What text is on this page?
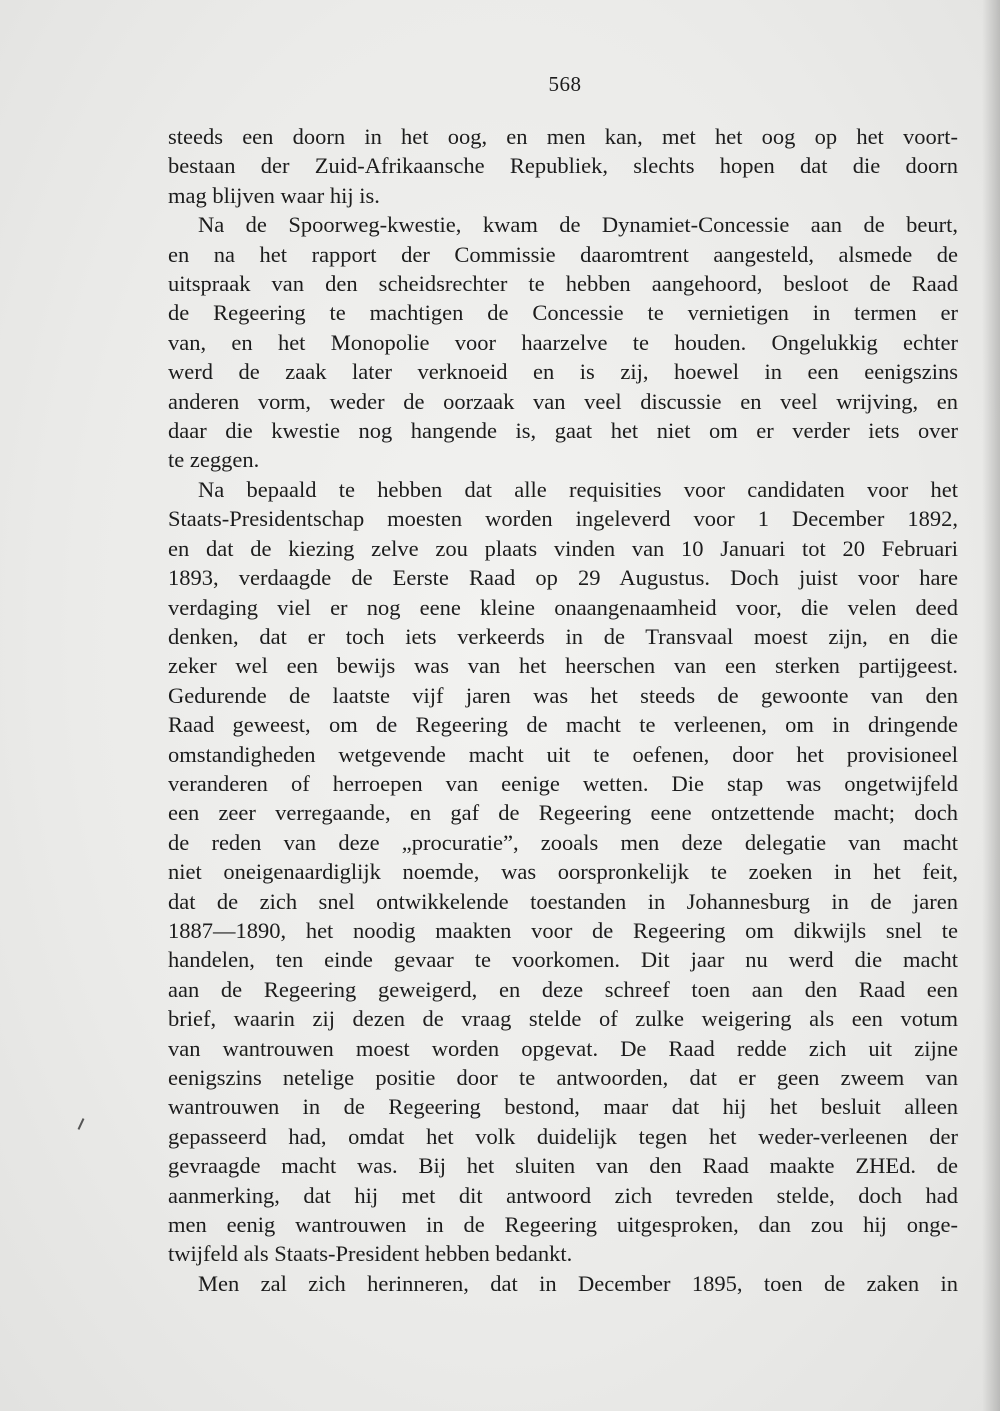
568
steeds een doorn in het oog, en men kan, met het oog op het voort-
bestaan der Zuid-Afrikaansche Republiek, slechts hopen dat die doorn
mag blijven waar hij is.
Na de Spoorweg-kwestie, kwam de Dynamiet-Concessie aan de beurt,
en na het rapport der Commissie daaromtrent aangesteld, alsmede de
uitspraak van den scheidsrechter te hebben aangehoord, besloot de Raad
de Regeering te machtigen de Concessie te vernietigen in termen er
van, en het Monopolie voor haarzelve te houden. Ongelukkig echter
werd de zaak later verknoeid en is zij, hoewel in een eenigszins
anderen vorm, weder de oorzaak van veel discussie en veel wrijving, en
daar die kwestie nog hangende is, gaat het niet om er verder iets over
te zeggen.
Na bepaald te hebben dat alle requisities voor candidaten voor het
Staats-Presidentschap moesten worden ingeleverd voor 1 December 1892,
en dat de kiezing zelve zou plaats vinden van 10 Januari tot 20 Februari
1893, verdaagde de Eerste Raad op 29 Augustus. Doch juist voor hare
verdaging viel er nog eene kleine onaangenaamheid voor, die velen deed
denken, dat er toch iets verkeerds in de Transvaal moest zijn, en die
zeker wel een bewijs was van het heerschen van een sterken partijgeest.
Gedurende de laatste vijf jaren was het steeds de gewoonte van den
Raad geweest, om de Regeering de macht te verleenen, om in dringende
omstandigheden wetgevende macht uit te oefenen, door het provisioneel
veranderen of herroepen van eenige wetten. Die stap was ongetwijfeld
een zeer verregaande, en gaf de Regeering eene ontzettende macht; doch
de reden van deze „procuratie”, zooals men deze delegatie van macht
niet oneigenaardiglijk noemde, was oorspronkelijk te zoeken in het feit,
dat de zich snel ontwikkelende toestanden in Johannesburg in de jaren
1887—1890, het noodig maakten voor de Regeering om dikwijls snel te
handelen, ten einde gevaar te voorkomen. Dit jaar nu werd die macht
aan de Regeering geweigerd, en deze schreef toen aan den Raad een
brief, waarin zij dezen de vraag stelde of zulke weigering als een votum
van wantrouwen moest worden opgevat. De Raad redde zich uit zijne
eenigszins netelige positie door te antwoorden, dat er geen zweem van
wantrouwen in de Regeering bestond, maar dat hij het besluit alleen
gepasseerd had, omdat het volk duidelijk tegen het weder-verleenen der
gevraagde macht was. Bij het sluiten van den Raad maakte ZHEd. de
aanmerking, dat hij met dit antwoord zich tevreden stelde, doch had
men eenig wantrouwen in de Regeering uitgesproken, dan zou hij onge-
twijfeld als Staats-President hebben bedankt.
Men zal zich herinneren, dat in December 1895, toen de zaken in
